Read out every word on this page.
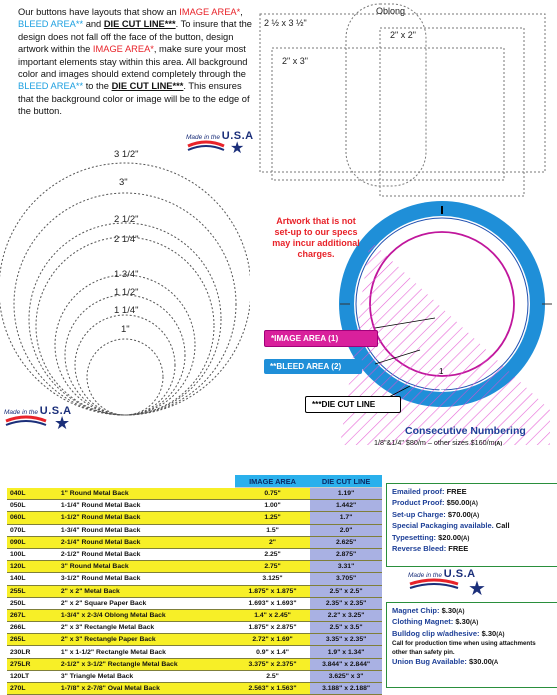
Our buttons have layouts that show an IMAGE AREA*, BLEED AREA** and DIE CUT LINE***. To insure that the design does not fall off the face of the button, design artwork within the IMAGE AREA*, make sure your most important elements stay within this area. All background color and images should extend completely through the BLEED AREA** to the DIE CUT LINE***. This ensures that the background color or image will be to the edge of the button.
Made in the U.S.A
★
3 1/2"
3"
2 1/2"
2 1/4"
1 3/4"
1 1/2"
1 1/4"
1"
Made in the U.S.A
★
Oblong
2 ½ x 3 ½"
2" x 2"
2" x 3"
1
2
Artwork that is not
set-up to our specs
may incur additional
charges.
*IMAGE AREA (1)
**BLEED AREA (2)
***DIE CUT LINE
Consecutive Numbering
1/8"&1/4" $80/m – other sizes $160/m(A)
		IMAGE AREA	DIE CUT LINE
040L	1" Round Metal Back	0.75"	1.19"
050L	1-1/4" Round Metal Back	1.00"	1.442"
060L	1-1/2" Round Metal Back	1.25"	1.7"
070L	1-3/4" Round Metal Back	1.5"	2.0"
090L	2-1/4" Round Metal Back	2"	2.625"
100L	2-1/2" Round Metal Back	2.25"	2.875"
120L	3" Round Metal Back	2.75"	3.31"
140L	3-1/2" Round Metal Back	3.125"	3.705"
255L	2" x 2" Metal Back	1.875" x 1.875"	2.5" x 2.5"
250L	2" x 2" Square Paper Back	1.693" x 1.693"	2.35" x 2.35"
267L	1-3/4" x 2-3/4 Oblong Metal Back	1.4" x 2.45"	2.2" x 3.25"
266L	2" x 3" Rectangle Metal Back	1.875" x 2.875"	2.5" x 3.5"
265L	2" x 3" Rectangle Paper Back	2.72" x 1.69"	3.35" x 2.35"
230LR	1" x 1-1/2" Rectangle Metal Back	0.9" x 1.4"	1.9" x 1.34"
275LR	2-1/2" x 3-1/2" Rectangle Metal Back	3.375" x 2.375"	3.844" x 2.844"
120LT	3" Triangle Metal Back	2.5"	3.625" x 3"
270L	1-7/8" x 2-7/8" Oval Metal Back	2.563" x 1.563"	3.188" x 2.188"
Emailed proof: FREE
Product Proof: $50.00(A)
Set-up Charge: $70.00(A)
Special Packaging available. Call
Typesetting: $20.00(A)
Reverse Bleed: FREE
Made in the U.S.A
★
Magnet Chip: $.30(A)
Clothing Magnet: $.30(A)
Bulldog clip w/adhesive: $.30(A)
Call for production time when using attachments other than safety pin.
Union Bug Available: $30.00(A
